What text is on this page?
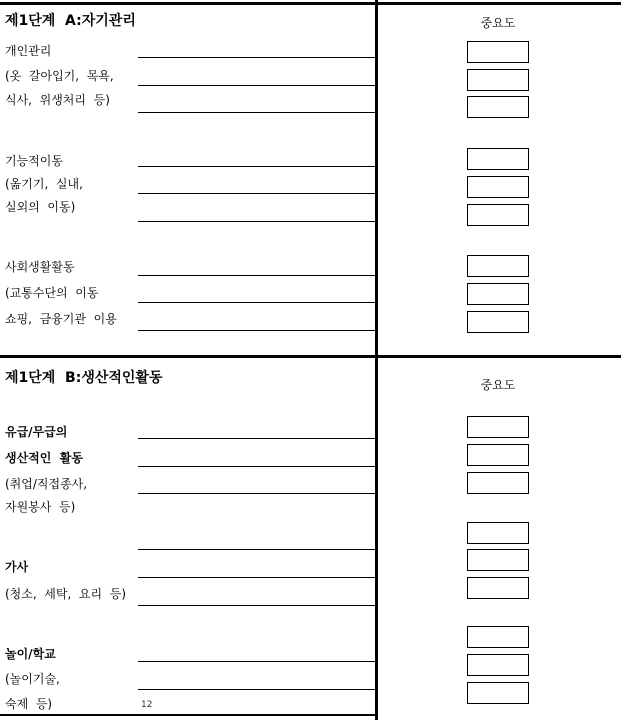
제1단계  A:자기관리	중요도
개인관리
(옷  갈아입기,  목욕,
식사,  위생처리  등)
기능적이동
(옮기기,  실내,
실외의  이동)
사회생활활동
(교통수단의  이동
쇼핑,  금융기관  이용
제1단계  B:생산적인활동	중요도
유급/무급의
생산적인  활동
(취업/직접종사,
자원봉사  등)
가사
(청소,  세탁,  요리  등)
놀이/학교
(놀이기술,
숙제  등)	12
